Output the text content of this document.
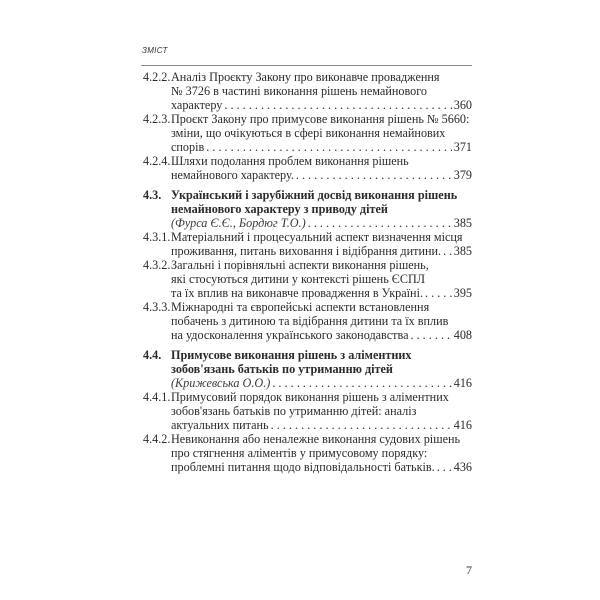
ЗМІСТ
4.2.2. Аналіз Проєкту Закону про виконавче провадження
№ 3726 в частині виконання рішень немайнового
характеру . . .	360
4.2.3. Проєкт Закону про примусове виконання рішень № 5660:
зміни, що очікуються в сфері виконання немайнових
спорів . . .	371
4.2.4. Шляхи подолання проблем виконання рішень
немайнового характеру. . . .	379
4.3. Український і зарубіжний досвід виконання рішень
немайнового характеру з приводу дітей
(Фурса Є.Є., Бордюг Т.О.) . . .	385
4.3.1. Матеріальний і процесуальний аспект визначення місця
проживання, питань виховання і відібрання дитини. . . . 385
4.3.2. Загальні і порівняльні аспекти виконання рішень,
які стосуються дитини у контексті рішень ЄСПЛ
та їх вплив на виконавче провадження в Україні. . . .	395
4.3.3. Міжнародні та європейські аспекти встановлення
побачень з дитиною та відібрання дитини та їх вплив
на удосконалення українського законодавства . . .	408
4.4. Примусове виконання рішень з аліментних
зобов'язань батьків по утриманню дітей
(Крижевська О.О.) . . .	416
4.4.1. Примусовий порядок виконання рішень з аліментних
зобов'язань батьків по утриманню дітей: аналіз
актуальних питань . . .	416
4.4.2. Невиконання або неналежне виконання судових рішень
про стягнення аліментів у примусовому порядку:
проблемні питання щодо відповідальності батьків. . . . 436
7
